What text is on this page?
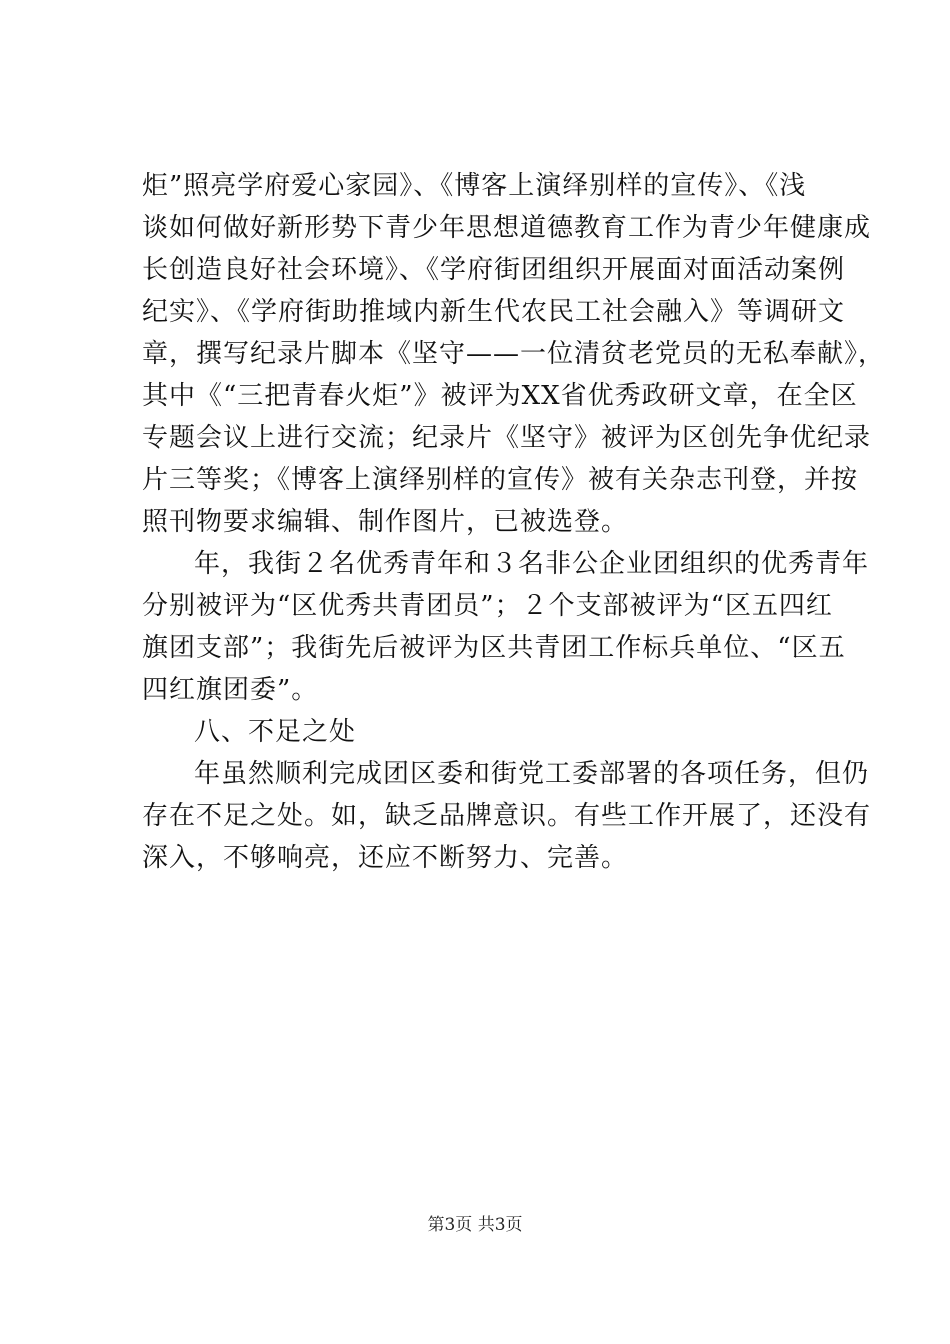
炬”照亮学府爱心家园》、《博客上演绎别样的宣传》、《浅
谈如何做好新形势下青少年思想道德教育工作为青少年健康成
长创造良好社会环境》、《学府街团组织开展面对面活动案例
纪实》、《学府街助推域内新生代农民工社会融入》等调研文
章，撰写纪录片脚本《坚守——一位清贫老党员的无私奉献》，
其中《“三把青春火炬”》被评为XX省优秀政研文章，在全区
专题会议上进行交流；纪录片《坚守》被评为区创先争优纪录
片三等奖；《博客上演绎别样的宣传》被有关杂志刊登，并按
照刊物要求编辑、制作图片，已被选登。
年，我街２名优秀青年和３名非公企业团组织的优秀青年
分别被评为“区优秀共青团员”；２个支部被评为“区五四红
旗团支部”；我街先后被评为区共青团工作标兵单位、“区五
四红旗团委”。
八、不足之处
年虽然顺利完成团区委和街党工委部署的各项任务，但仍
存在不足之处。如，缺乏品牌意识。有些工作开展了，还没有
深入，不够响亮，还应不断努力、完善。
第3页 共3页
